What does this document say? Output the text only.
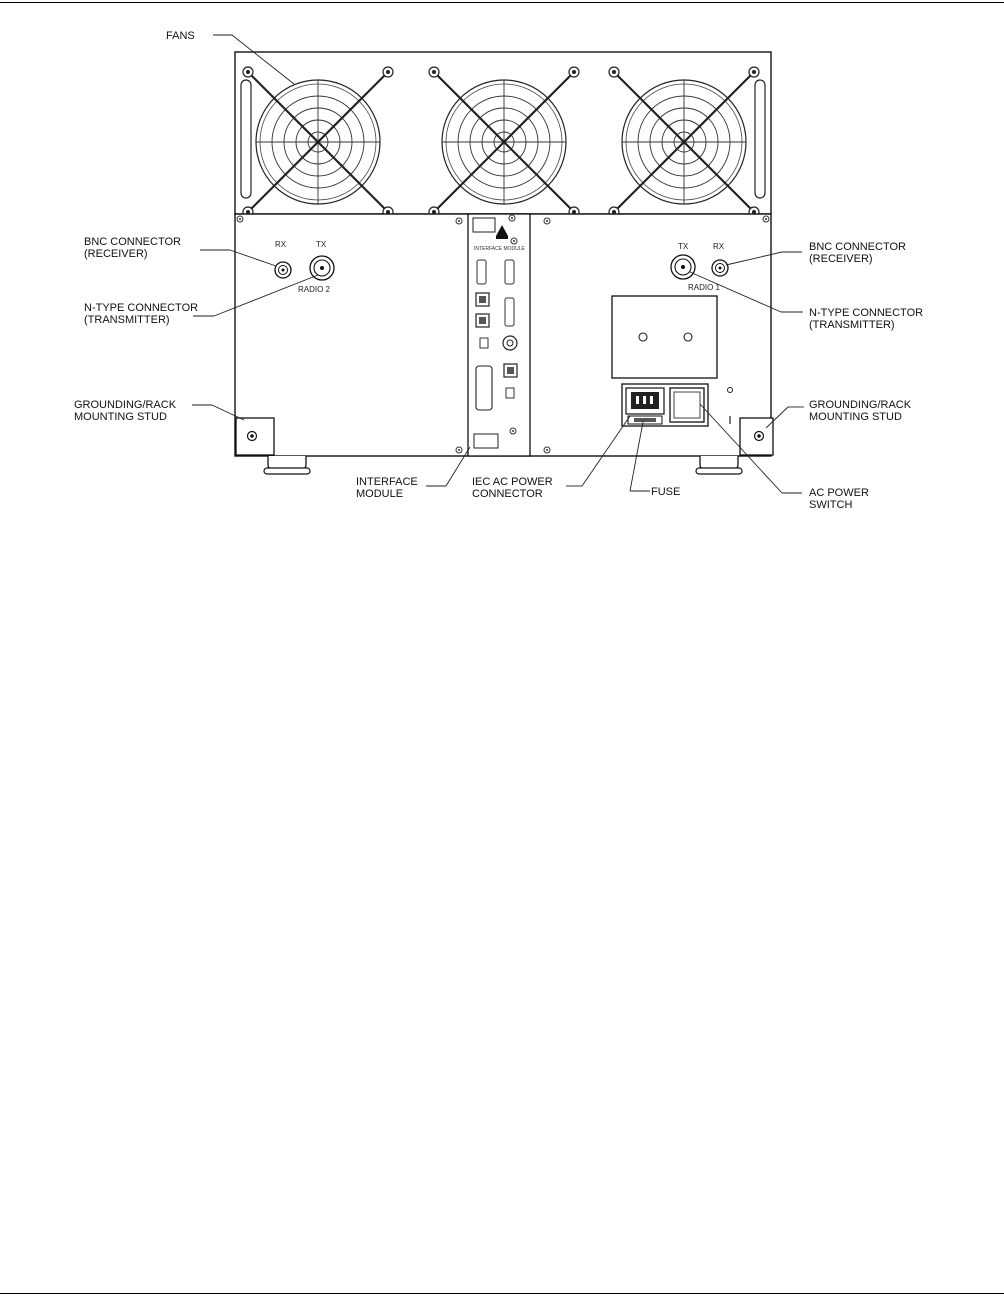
INTERFACE MODULE
RX	TX
RADIO 2
TX	RX
RADIO 1
FANS
BNC CONNECTOR
(RECEIVER)
N-TYPE CONNECTOR
(TRANSMITTER)
GROUNDING/RACK
MOUNTING STUD
BNC CONNECTOR
(RECEIVER)
N-TYPE CONNECTOR
(TRANSMITTER)
GROUNDING/RACK
MOUNTING STUD
INTERFACE
MODULE
IEC AC POWER
CONNECTOR	FUSE	AC POWER
SWITCH
